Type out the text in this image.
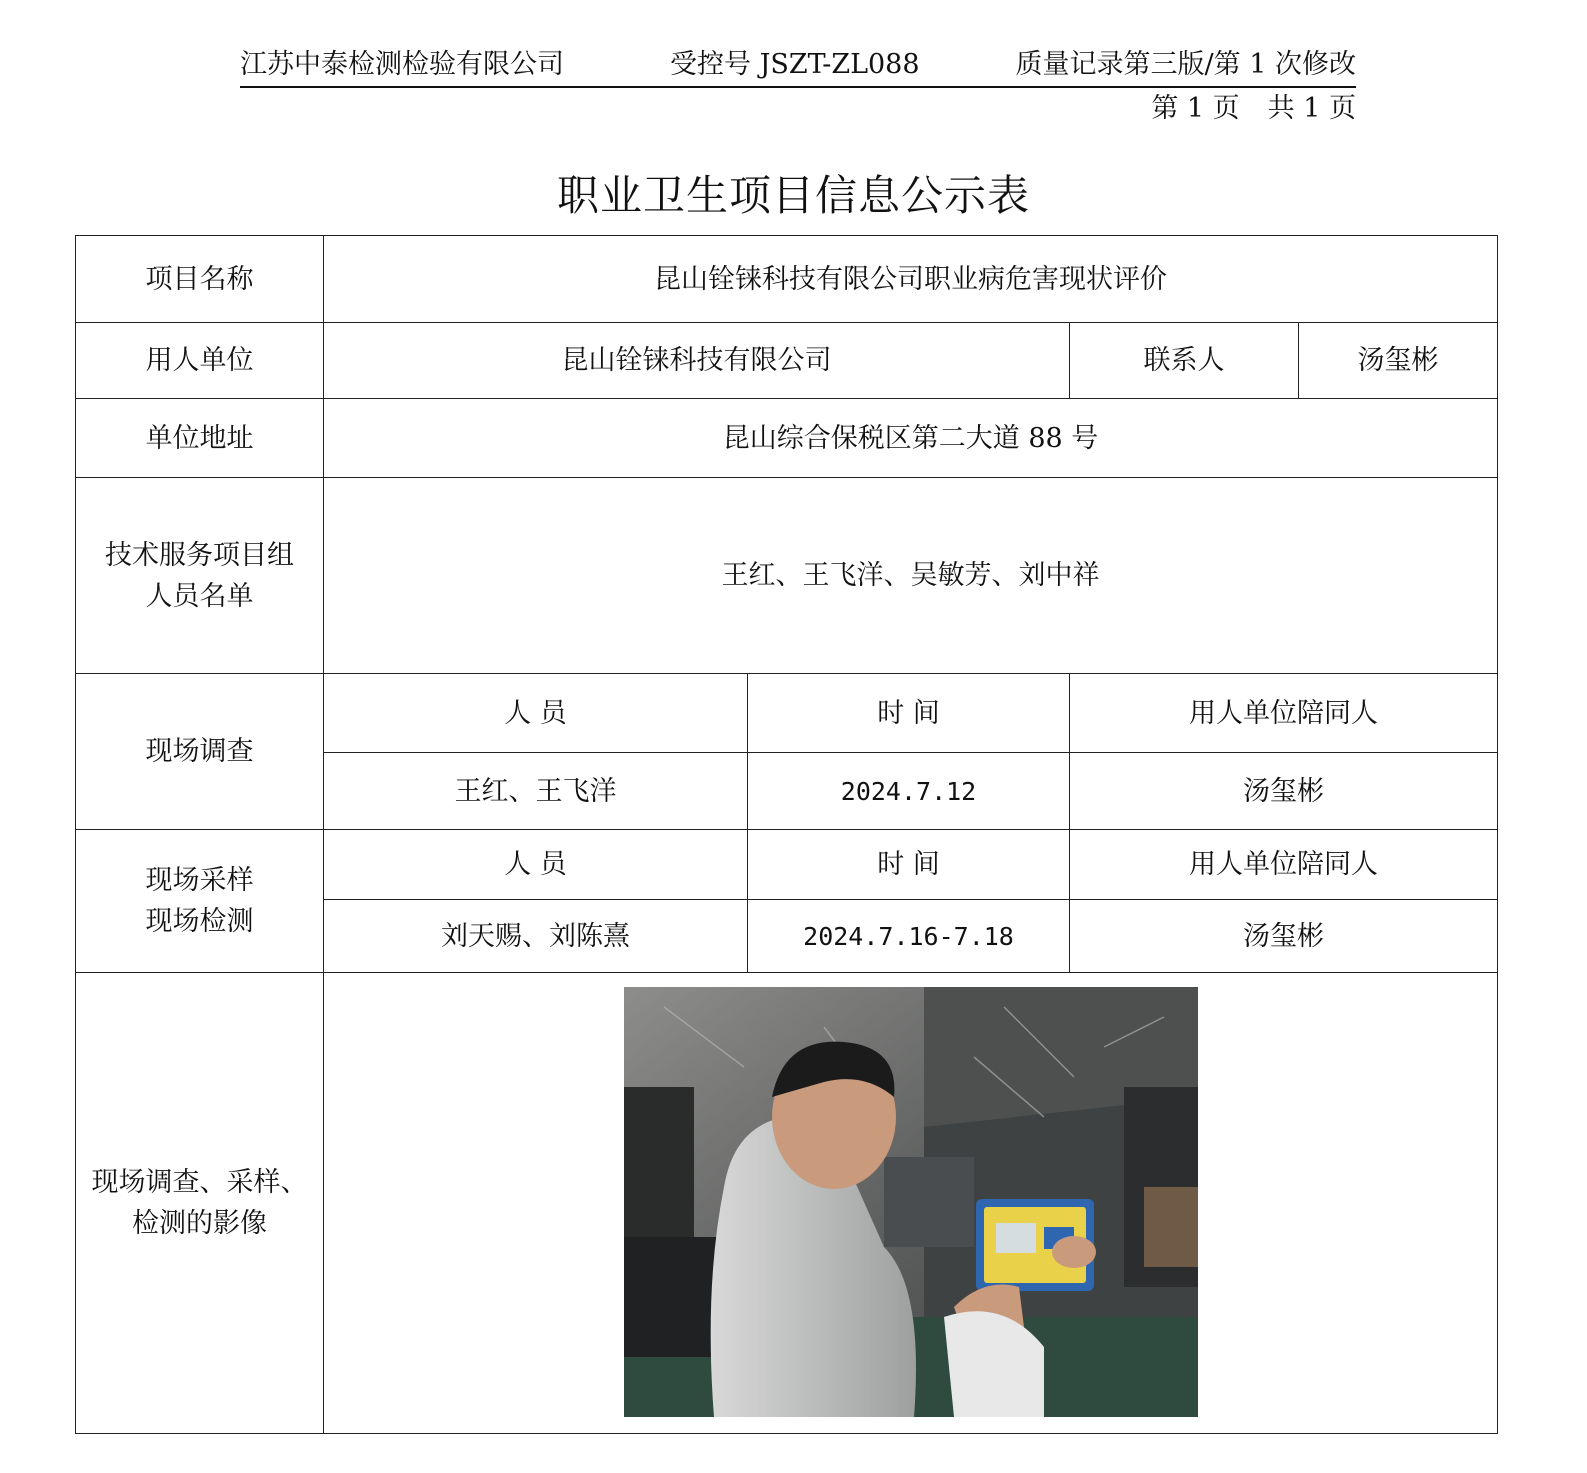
江苏中泰检测检验有限公司	受控号 JSZT-ZL088	质量记录第三版/第 1 次修改
第 1 页 共 1 页
职业卫生项目信息公示表
项目名称	昆山铨铼科技有限公司职业病危害现状评价			
用人单位	昆山铨铼科技有限公司		联系人	汤玺彬
单位地址	昆山综合保税区第二大道 88 号			

技术服务项目组
人员名单	王红、王飞洋、吴敏芳、刘中祥			
现场调查	人 员	时 间	用人单位陪同人	
	王红、王飞洋	2024.7.12	汤玺彬	

现场采样
现场检测	人 员	时 间	用人单位陪同人	
	刘天赐、刘陈熹	2024.7.16-7.18	汤玺彬	

现场调查、采样、
检测的影像
